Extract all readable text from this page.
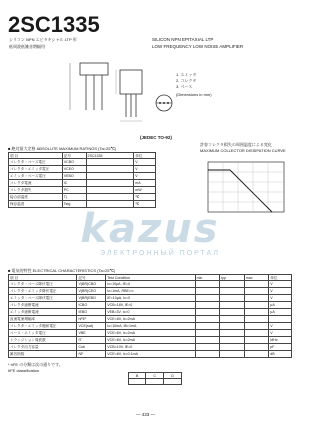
2SC1335
シリコン NPN エピタキシャル LTP 形
低周波低雑音増幅用
SILICON NPN EPITAXIAL LTP
LOW FREQUENCY LOW NOISE AMPLIFIER
1. エミッタ
2. コレクタ
3. ベース
(Dimensions in mm)
(JEDEC TO-92)
■ 絶対最大定格 ABSOLUTE MAXIMUM RATINGS (Ta=25℃)
項 目	記号	2SC1335	単位
コレクタ・ベース電圧	VCBO		V
コレクタ・エミッタ電圧	VCEO		V
エミッタ・ベース電圧	VEBO		V
コレクタ電流	IC		mA
コレクタ損失	PC		mW
接合部温度	Tj		℃
保存温度	Tstg		℃
許容コレクタ損失の周囲温度による変化
MAXIMUM COLLECTOR DISSIPATION CURVE
kazus
ЭЛЕКТРОННЫЙ ПОРТАЛ
■ 電気的特性 ELECTRICAL CHARACTERISTICS (Ta=25℃)
項 目	記号	Test Condition	min	typ	max	単位
コレクタ・ベース降伏電圧	V(BR)CBO	Ic=10μA, IE=0				V
コレクタ・エミッタ降伏電圧	V(BR)CEO	Ic=1mA, RBE=∞				V
エミッタ・ベース降伏電圧	V(BR)EBO	IE=10μA, Ic=0				V
コレクタ遮断電流	ICBO	VCB=18V, IE=0				μA
エミッタ遮断電流	IEBO	VEB=3V, Ic=0				μA
直流電流増幅率	hFE*	VCE=6V, Ic=2mA				
コレクタ・エミッタ飽和電圧	VCE(sat)	Ic=10mA, IB=1mA				V
ベース・エミッタ電圧	VBE	VCE=6V, Ic=2mA				V
トランジション周波数	fT	VCE=6V, Ic=2mA				MHz
コレクタ出力容量	Cob	VCB=10V, IE=0				pF
雑音指数	NF	VCE=6V, Ic=0.1mA				dB
* hFE の分類は次の通りです。
hFE classification
B	C	D

— 433 —
